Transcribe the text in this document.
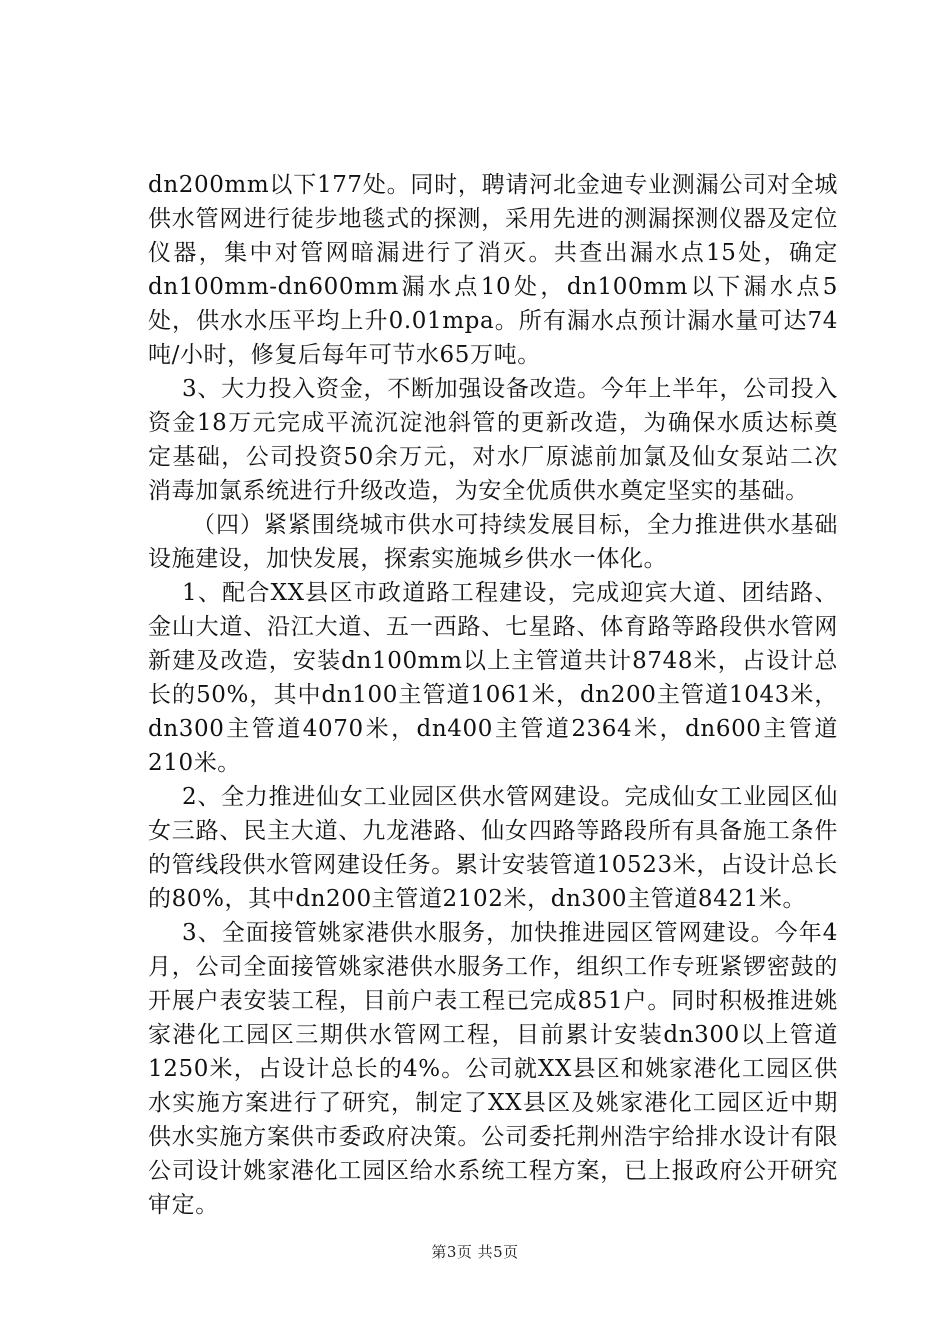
dn200mm以下177处。同时，聘请河北金迪专业测漏公司对全城供水管网进行徒步地毯式的探测，采用先进的测漏探测仪器及定位仪器，集中对管网暗漏进行了消灭。共查出漏水点15处，确定dn100mm-dn600mm漏水点10处，dn100mm以下漏水点5处，供水水压平均上升0.01mpa。所有漏水点预计漏水量可达74吨/小时，修复后每年可节水65万吨。

3、大力投入资金，不断加强设备改造。今年上半年，公司投入资金18万元完成平流沉淀池斜管的更新改造，为确保水质达标奠定基础，公司投资50余万元，对水厂原滤前加氯及仙女泵站二次消毒加氯系统进行升级改造，为安全优质供水奠定坚实的基础。

（四）紧紧围绕城市供水可持续发展目标，全力推进供水基础设施建设，加快发展，探索实施城乡供水一体化。

1、配合XX县区市政道路工程建设，完成迎宾大道、团结路、金山大道、沿江大道、五一西路、七星路、体育路等路段供水管网新建及改造，安装dn100mm以上主管道共计8748米，占设计总长的50%，其中dn100主管道1061米，dn200主管道1043米，dn300主管道4070米，dn400主管道2364米，dn600主管道210米。

2、全力推进仙女工业园区供水管网建设。完成仙女工业园区仙女三路、民主大道、九龙港路、仙女四路等路段所有具备施工条件的管线段供水管网建设任务。累计安装管道10523米，占设计总长的80%，其中dn200主管道2102米，dn300主管道8421米。

3、全面接管姚家港供水服务，加快推进园区管网建设。今年4月，公司全面接管姚家港供水服务工作，组织工作专班紧锣密鼓的开展户表安装工程，目前户表工程已完成851户。同时积极推进姚家港化工园区三期供水管网工程，目前累计安装dn300以上管道1250米，占设计总长的4%。公司就XX县区和姚家港化工园区供水实施方案进行了研究，制定了XX县区及姚家港化工园区近中期供水实施方案供市委政府决策。公司委托荆州浩宇给排水设计有限公司设计姚家港化工园区给水系统工程方案，已上报政府公开研究审定。

第3页 共5页
